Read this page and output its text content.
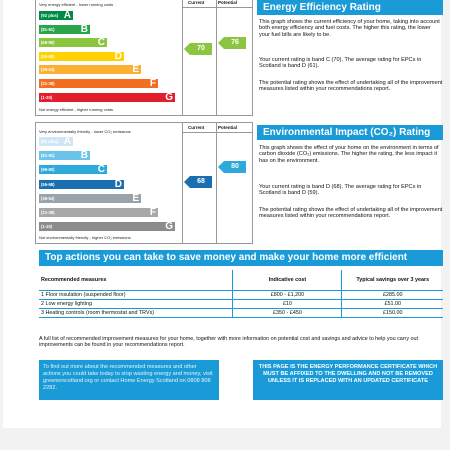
Very energy efficient - lower running costs	Current	Potential
(92 plus) A
(81-91)	B
(69-80)	C
(55-68)	D
(39-54)	E
(21-38)	F
(1-20)	G
70
76
Not energy efficient - higher running costs
Very environmentally friendly - lower CO₂ emissions
Current	Potential
(92 plus) A
(81-91)	B
(69-80)	C
(55-68)	D
(39-54)	E
(21-38)	F
(1-20)	G
68
80
Not environmentally friendly - higher CO₂ emissions
Energy Efficiency Rating
This graph shows the current efficiency of your home, taking into account both energy efficiency and fuel costs. The higher this rating, the lower your fuel bills are likely to be.
Your current rating is band C (70). The average rating for EPCs in Scotland is band D (61).
The potential rating shows the effect of undertaking all of the improvement measures listed within your recommendations report.
Environmental Impact (CO₂) Rating
This graph shows the effect of your home on the environment in terms of carbon dioxide (CO₂) emissions. The higher the rating, the less impact it has on the environment.
Your current rating is band D (68). The average rating for EPCs in Scotland is band D (59).
The potential rating shows the effect of undertaking all of the improvement measures listed within your recommendations report.
Top actions you can take to save money and make your home more efficient
Recommended measures	Indicative cost	Typical savings over 3 years
1 Floor insulation (suspended floor)	£800 - £1,200	£285.00
2 Low energy lighting	£10	£51.00
3 Heating controls (room thermostat and TRVs)	£350 - £450	£150.00
A full list of recommended improvement measures for your home, together with more information on potential cost and savings and advice to help you carry out improvements can be found in your recommendations report.
To find out more about the recommended measures and other actions you could take today to stop wasting energy and money, visit greenerscotland.org or contact Home Energy Scotland on 0808 808 2282.
THIS PAGE IS THE ENERGY PERFORMANCE CERTIFICATE WHICH MUST BE AFFIXED TO THE DWELLING AND NOT BE REMOVED UNLESS IT IS REPLACED WITH AN UPDATED CERTIFICATE
